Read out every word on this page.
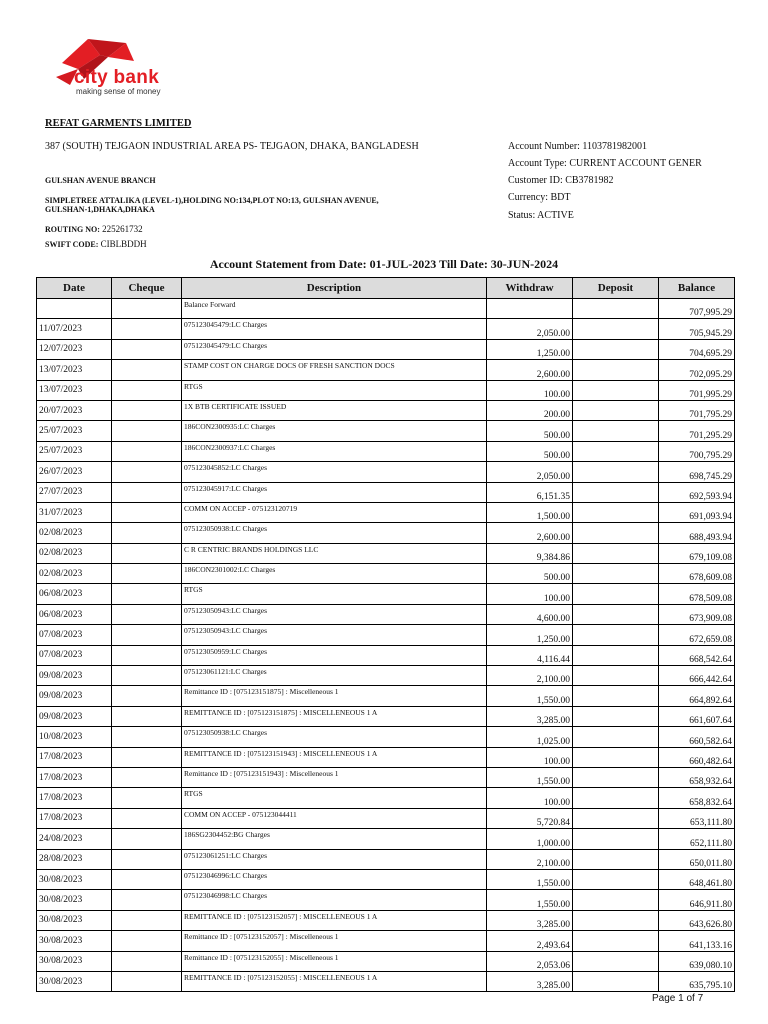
city bank
making sense of money
REFAT GARMENTS LIMITED
387 (SOUTH) TEJGAON INDUSTRIAL AREA PS- TEJGAON, DHAKA, BANGLADESH
GULSHAN AVENUE BRANCH
SIMPLETREE ATTALIKA (LEVEL-1),HOLDING NO:134,PLOT NO:13, GULSHAN AVENUE, GULSHAN-1,DHAKA,DHAKA
ROUTING NO: 225261732
SWIFT CODE: CIBLBDDH
Account Number: 1103781982001
Account Type: CURRENT ACCOUNT GENER
Customer ID: CB3781982
Currency: BDT
Status: ACTIVE
Account Statement from Date: 01-JUL-2023 Till Date: 30-JUN-2024
Date	Cheque	Description	Withdraw	Deposit	Balance
		Balance Forward			707,995.29
11/07/2023		075123045479:LC Charges	2,050.00		705,945.29
12/07/2023		075123045479:LC Charges	1,250.00		704,695.29
13/07/2023		STAMP COST ON CHARGE DOCS OF FRESH SANCTION DOCS	2,600.00		702,095.29
13/07/2023		RTGS	100.00		701,995.29
20/07/2023		1X BTB CERTIFICATE ISSUED	200.00		701,795.29
25/07/2023		186CON2300935:LC Charges	500.00		701,295.29
25/07/2023		186CON2300937:LC Charges	500.00		700,795.29
26/07/2023		075123045852:LC Charges	2,050.00		698,745.29
27/07/2023		075123045917:LC Charges	6,151.35		692,593.94
31/07/2023		COMM ON ACCEP - 075123120719	1,500.00		691,093.94
02/08/2023		075123050938:LC Charges	2,600.00		688,493.94
02/08/2023		C R CENTRIC BRANDS HOLDINGS LLC	9,384.86		679,109.08
02/08/2023		186CON2301002:LC Charges	500.00		678,609.08
06/08/2023		RTGS	100.00		678,509.08
06/08/2023		075123050943:LC Charges	4,600.00		673,909.08
07/08/2023		075123050943:LC Charges	1,250.00		672,659.08
07/08/2023		075123050959:LC Charges	4,116.44		668,542.64
09/08/2023		075123061121:LC Charges	2,100.00		666,442.64
09/08/2023		Remittance ID : [075123151875] : Miscelleneous 1	1,550.00		664,892.64
09/08/2023		REMITTANCE ID : [075123151875] : MISCELLENEOUS 1 A	3,285.00		661,607.64
10/08/2023		075123050938:LC Charges	1,025.00		660,582.64
17/08/2023		REMITTANCE ID : [075123151943] : MISCELLENEOUS 1 A	100.00		660,482.64
17/08/2023		Remittance ID : [075123151943] : Miscelleneous 1	1,550.00		658,932.64
17/08/2023		RTGS	100.00		658,832.64
17/08/2023		COMM ON ACCEP - 075123044411	5,720.84		653,111.80
24/08/2023		186SG2304452:BG Charges	1,000.00		652,111.80
28/08/2023		075123061251:LC Charges	2,100.00		650,011.80
30/08/2023		075123046996:LC Charges	1,550.00		648,461.80
30/08/2023		075123046998:LC Charges	1,550.00		646,911.80
30/08/2023		REMITTANCE ID : [075123152057] : MISCELLENEOUS 1 A	3,285.00		643,626.80
30/08/2023		Remittance ID : [075123152057] : Miscelleneous 1	2,493.64		641,133.16
30/08/2023		Remittance ID : [075123152055] : Miscelleneous 1	2,053.06		639,080.10
30/08/2023		REMITTANCE ID : [075123152055] : MISCELLENEOUS 1 A	3,285.00		635,795.10
Page 1 of 7
